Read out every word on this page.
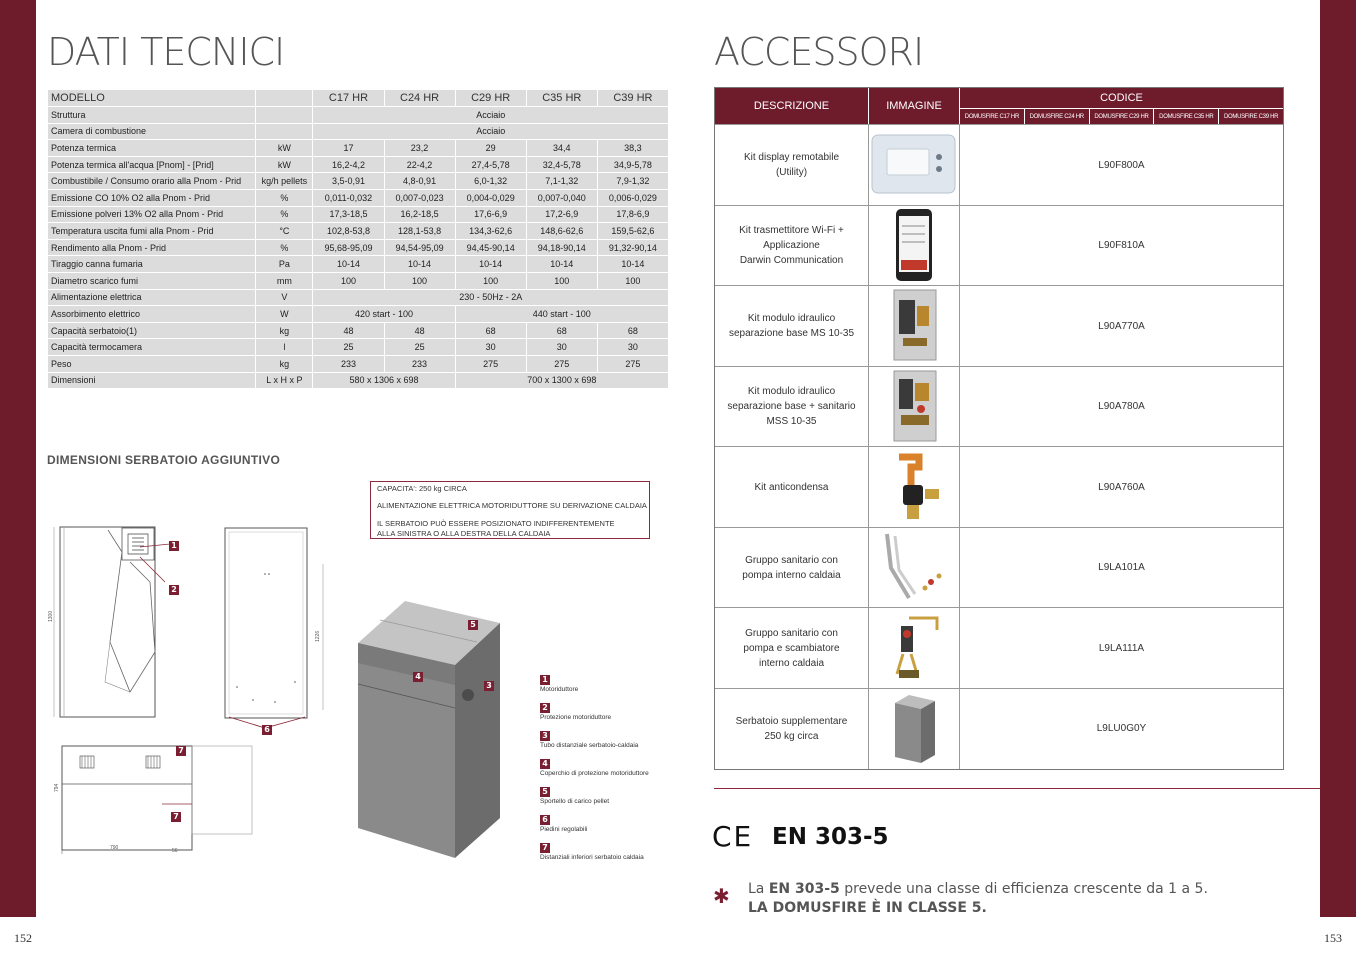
152	153
DATI TECNICI	ACCESSORI
MODELLO		C17 HR	C24 HR	C29 HR	C35 HR	C39 HR
Struttura		Acciaio				
Camera di combustione		Acciaio				
Potenza termica	kW	17	23,2	29	34,4	38,3
Potenza termica all'acqua [Pnom] - [Prid]	kW	16,2-4,2	22-4,2	27,4-5,78	32,4-5,78	34,9-5,78
Combustibile / Consumo orario alla Pnom - Prid	kg/h pellets	3,5-0,91	4,8-0,91	6,0-1,32	7,1-1,32	7,9-1,32
Emissione CO 10% O2 alla Pnom - Prid	%	0,011-0,032	0,007-0,023	0,004-0,029	0,007-0,040	0,006-0,029
Emissione polveri 13% O2 alla Pnom - Prid	%	17,3-18,5	16,2-18,5	17,6-6,9	17,2-6,9	17,8-6,9
Temperatura uscita fumi alla Pnom - Prid	°C	102,8-53,8	128,1-53,8	134,3-62,6	148,6-62,6	159,5-62,6
Rendimento alla Pnom - Prid	%	95,68-95,09	94,54-95,09	94,45-90,14	94,18-90,14	91,32-90,14
Tiraggio canna fumaria	Pa	10-14	10-14	10-14	10-14	10-14
Diametro scarico fumi	mm	100	100	100	100	100
Alimentazione elettrica	V	230 - 50Hz - 2A				
Assorbimento elettrico	W	420 start - 100		440 start - 100		
Capacità serbatoio(1)	kg	48	48	68	68	68
Capacità termocamera	l	25	25	30	30	30
Peso	kg	233	233	275	275	275
Dimensioni	L x H x P	580 x 1306 x 698		700 x 1300 x 698		
DIMENSIONI SERBATOIO AGGIUNTIVO
CAPACITA': 250 kg CIRCA
ALIMENTAZIONE ELETTRICA MOTORIDUTTORE SU DERIVAZIONE CALDAIA
IL SERBATOIO PUÒ ESSERE POSIZIONATO INDIFFERENTEMENTE
ALLA SINISTRA O ALLA DESTRA DELLA CALDAIA
1300
1
2
1226
6
790	56
794
7
7
5
4
3
1
Motoriduttore
2
Protezione motoriduttore
3
Tubo distanziale serbatoio-caldaia
4
Coperchio di protezione motoriduttore
5
Sportello di carico pellet
6
Piedini regolabili
7
Distanziali inferiori serbatoio caldaia
DESCRIZIONE	IMMAGINE
CODICE
DOMUSFIRE C17 HR	DOMUSFIRE C24 HR	DOMUSFIRE C29 HR	DOMUSFIRE C35 HR	DOMUSFIRE C39 HR
Kit display remotabile
(Utility)
L90F800A
Kit trasmettitore Wi-Fi +
Applicazione
Darwin Communication
L90F810A
Kit modulo idraulico
separazione base MS 10-35
L90A770A
Kit modulo idraulico
separazione base + sanitario
MSS 10-35
L90A780A
Kit anticondensa	L90A760A
Gruppo sanitario con
pompa interno caldaia
L9LA101A
Gruppo sanitario con
pompa e scambiatore
interno caldaia
L9LA111A
Serbatoio supplementare
250 kg circa
L9LU0G0Y
CE EN 303-5
✱ La EN 303-5 prevede una classe di efficienza crescente da 1 a 5.
LA DOMUSFIRE È IN CLASSE 5.
